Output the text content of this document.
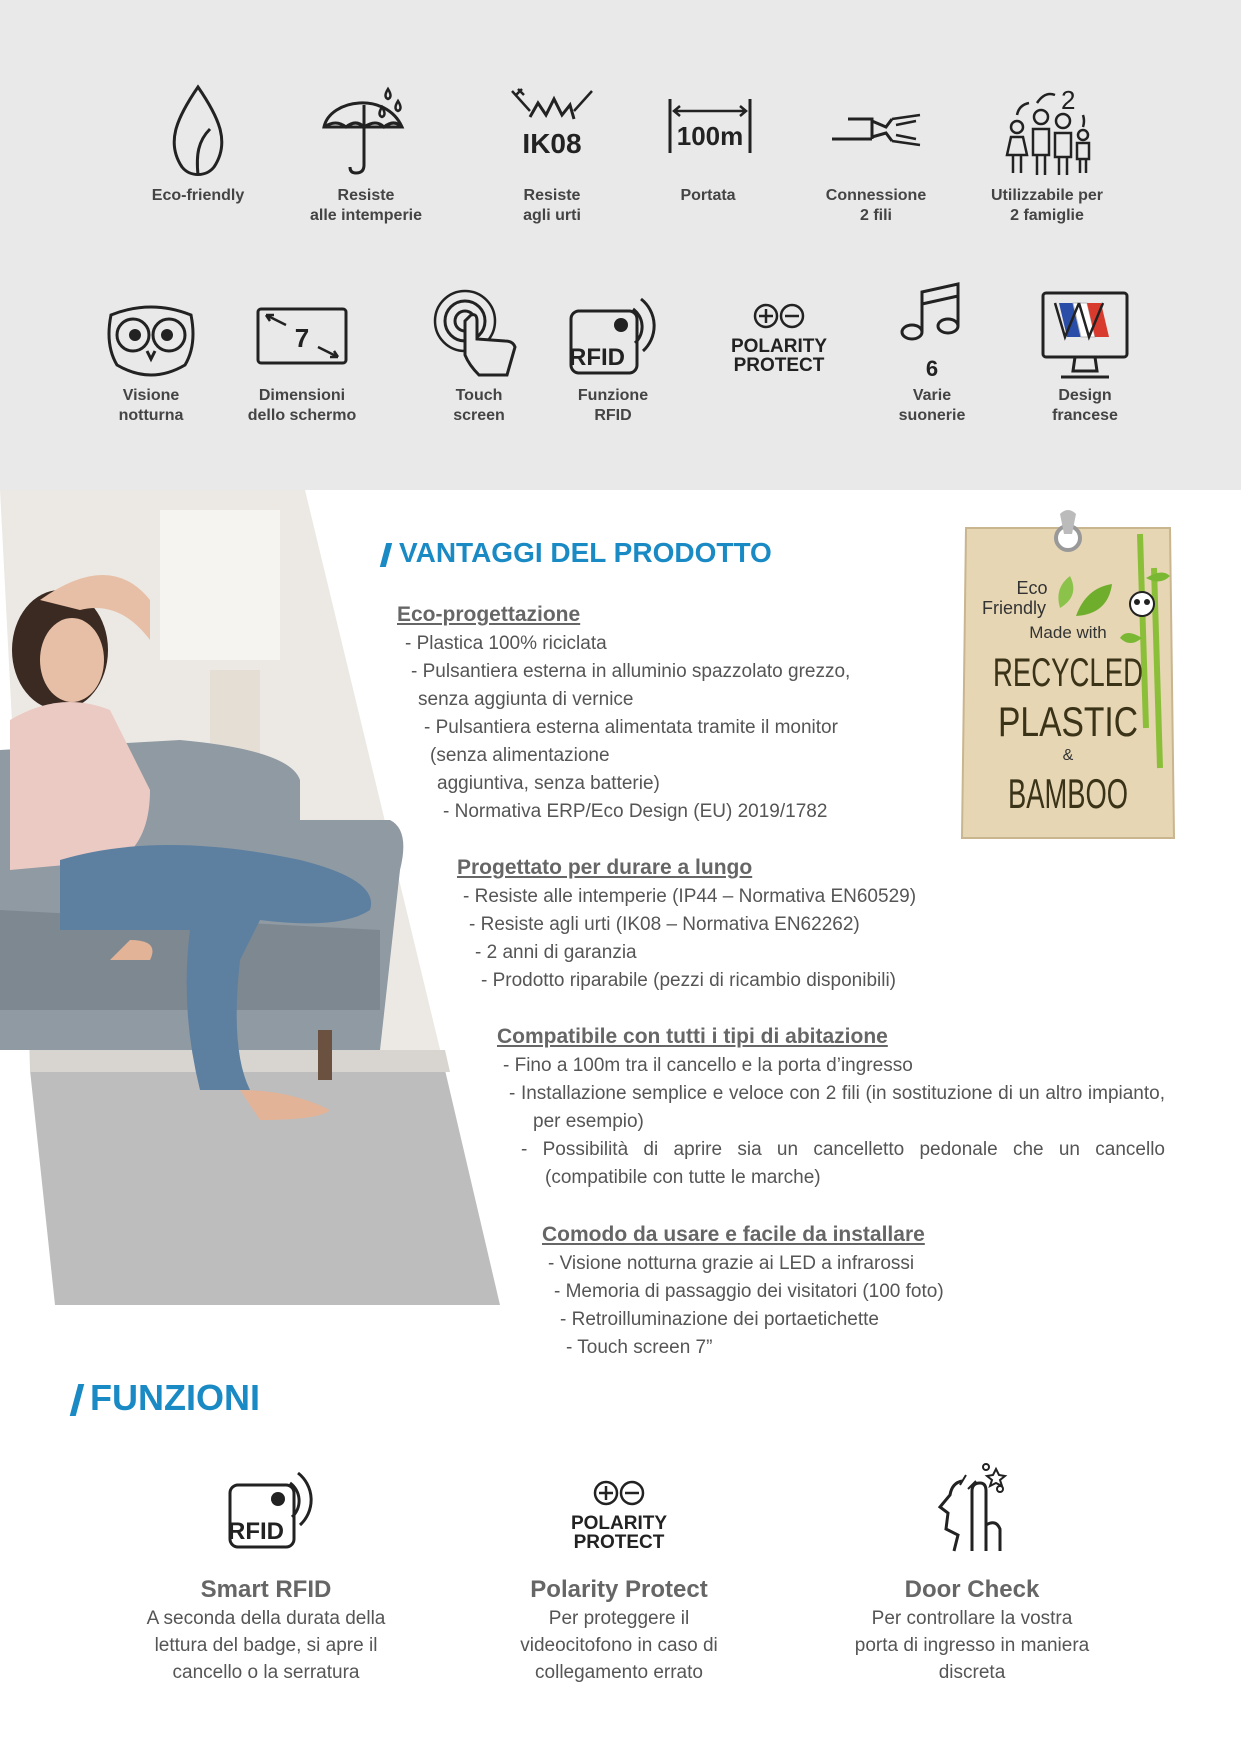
Eco-friendly	Resiste
alle intemperie
IK08
Resiste
agli urti
100m
Portata	Connessione
2 fili
2
Utilizzabile per
2 famiglie
Visione
notturna
7
Dimensioni
dello schermo
Touch
screen
RFID
Funzione
RFID
POLARITY
PROTECT	6
Varie
suonerie
Design
francese
VANTAGGI DEL PRODOTTO
Eco-progettazione
- Plastica 100% riciclata
- Pulsantiera esterna in alluminio spazzolato grezzo,
senza aggiunta di vernice
- Pulsantiera esterna alimentata tramite il monitor
(senza alimentazione
aggiuntiva, senza batterie)
- Normativa ERP/Eco Design (EU) 2019/1782
Progettato per durare a lungo
- Resiste alle intemperie (IP44 – Normativa EN60529)
- Resiste agli urti (IK08 – Normativa EN62262)
- 2 anni di garanzia
- Prodotto riparabile (pezzi di ricambio disponibili)
Compatibile con tutti i tipi di abitazione
- Fino a 100m tra il cancello e la porta d’ingresso
- Installazione semplice e veloce con 2 fili (in sostituzione di un altro impianto, per esempio)
- Possibilità di aprire sia un cancelletto pedonale che un cancello (compatibile con tutte le marche)
Comodo da usare e facile da installare
- Visione notturna grazie ai LED a infrarossi
- Memoria di passaggio dei visitatori (100 foto)
- Retroilluminazione dei portaetichette
- Touch screen 7”
Eco
Friendly
Made with
RECYCLED
PLASTIC
&
BAMBOO
FUNZIONI
RFID
Smart RFID
A seconda della durata della
lettura del badge, si apre il
cancello o la serratura
POLARITY
PROTECT
Polarity Protect
Per proteggere il
videocitofono in caso di
collegamento errato
Door Check
Per controllare la vostra
porta di ingresso in maniera
discreta
